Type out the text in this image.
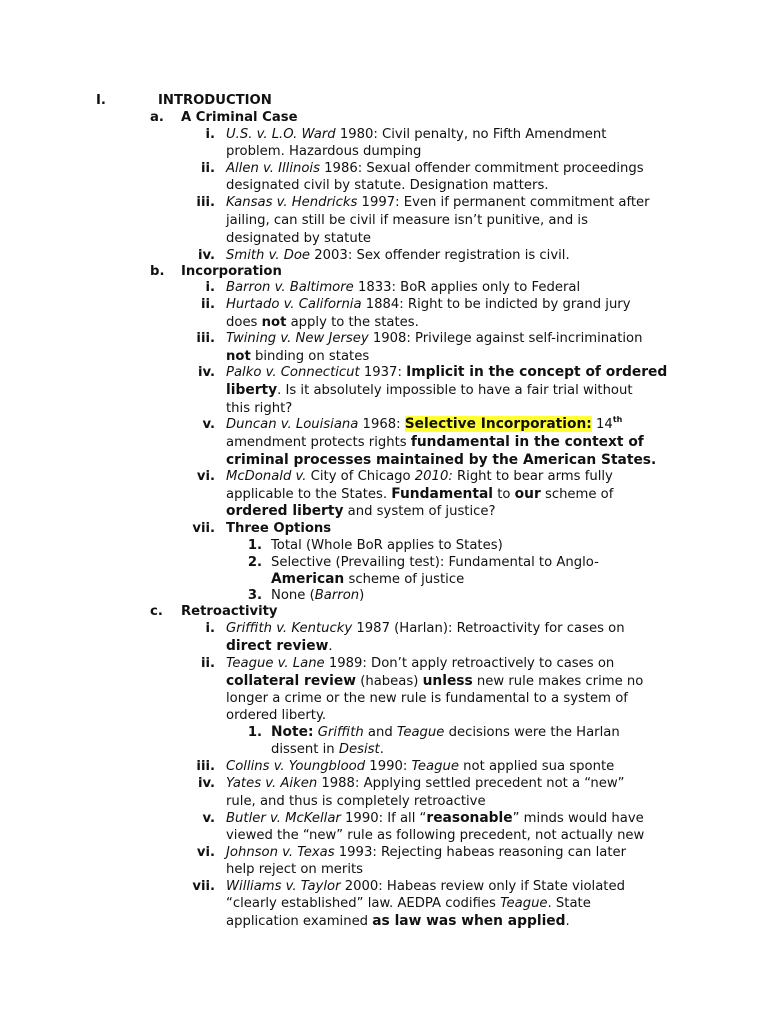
I.	INTRODUCTION
a.	A Criminal Case
i. U.S. v. L.O. Ward 1980: Civil penalty, no Fifth Amendment
problem. Hazardous dumping
ii. Allen v. Illinois 1986: Sexual offender commitment proceedings
designated civil by statute. Designation matters.
iii. Kansas v. Hendricks 1997: Even if permanent commitment after
jailing, can still be civil if measure isn’t punitive, and is
designated by statute
iv. Smith v. Doe 2003: Sex offender registration is civil.
b.	Incorporation
i. Barron v. Baltimore 1833: BoR applies only to Federal
ii. Hurtado v. California 1884: Right to be indicted by grand jury
does not apply to the states.
iii. Twining v. New Jersey 1908: Privilege against self-incrimination
not binding on states
iv. Palko v. Connecticut 1937: Implicit in the concept of ordered
liberty. Is it absolutely impossible to have a fair trial without
this right?
v. Duncan v. Louisiana 1968: Selective Incorporation: 14th
amendment protects rights fundamental in the context of
criminal processes maintained by the American States.
vi. McDonald v. City of Chicago 2010: Right to bear arms fully
applicable to the States. Fundamental to our scheme of
ordered liberty and system of justice?
vii. Three Options
1. Total (Whole BoR applies to States)
2. Selective (Prevailing test): Fundamental to Anglo-
American scheme of justice
3. None (Barron)
c.	Retroactivity
i. Griffith v. Kentucky 1987 (Harlan): Retroactivity for cases on
direct review.
ii. Teague v. Lane 1989: Don’t apply retroactively to cases on
collateral review (habeas) unless new rule makes crime no
longer a crime or the new rule is fundamental to a system of
ordered liberty.
1. Note: Griffith and Teague decisions were the Harlan
dissent in Desist.
iii. Collins v. Youngblood 1990: Teague not applied sua sponte
iv. Yates v. Aiken 1988: Applying settled precedent not a “new”
rule, and thus is completely retroactive
v. Butler v. McKellar 1990: If all “reasonable” minds would have
viewed the “new” rule as following precedent, not actually new
vi. Johnson v. Texas 1993: Rejecting habeas reasoning can later
help reject on merits
vii. Williams v. Taylor 2000: Habeas review only if State violated
“clearly established” law. AEDPA codifies Teague. State
application examined as law was when applied.
